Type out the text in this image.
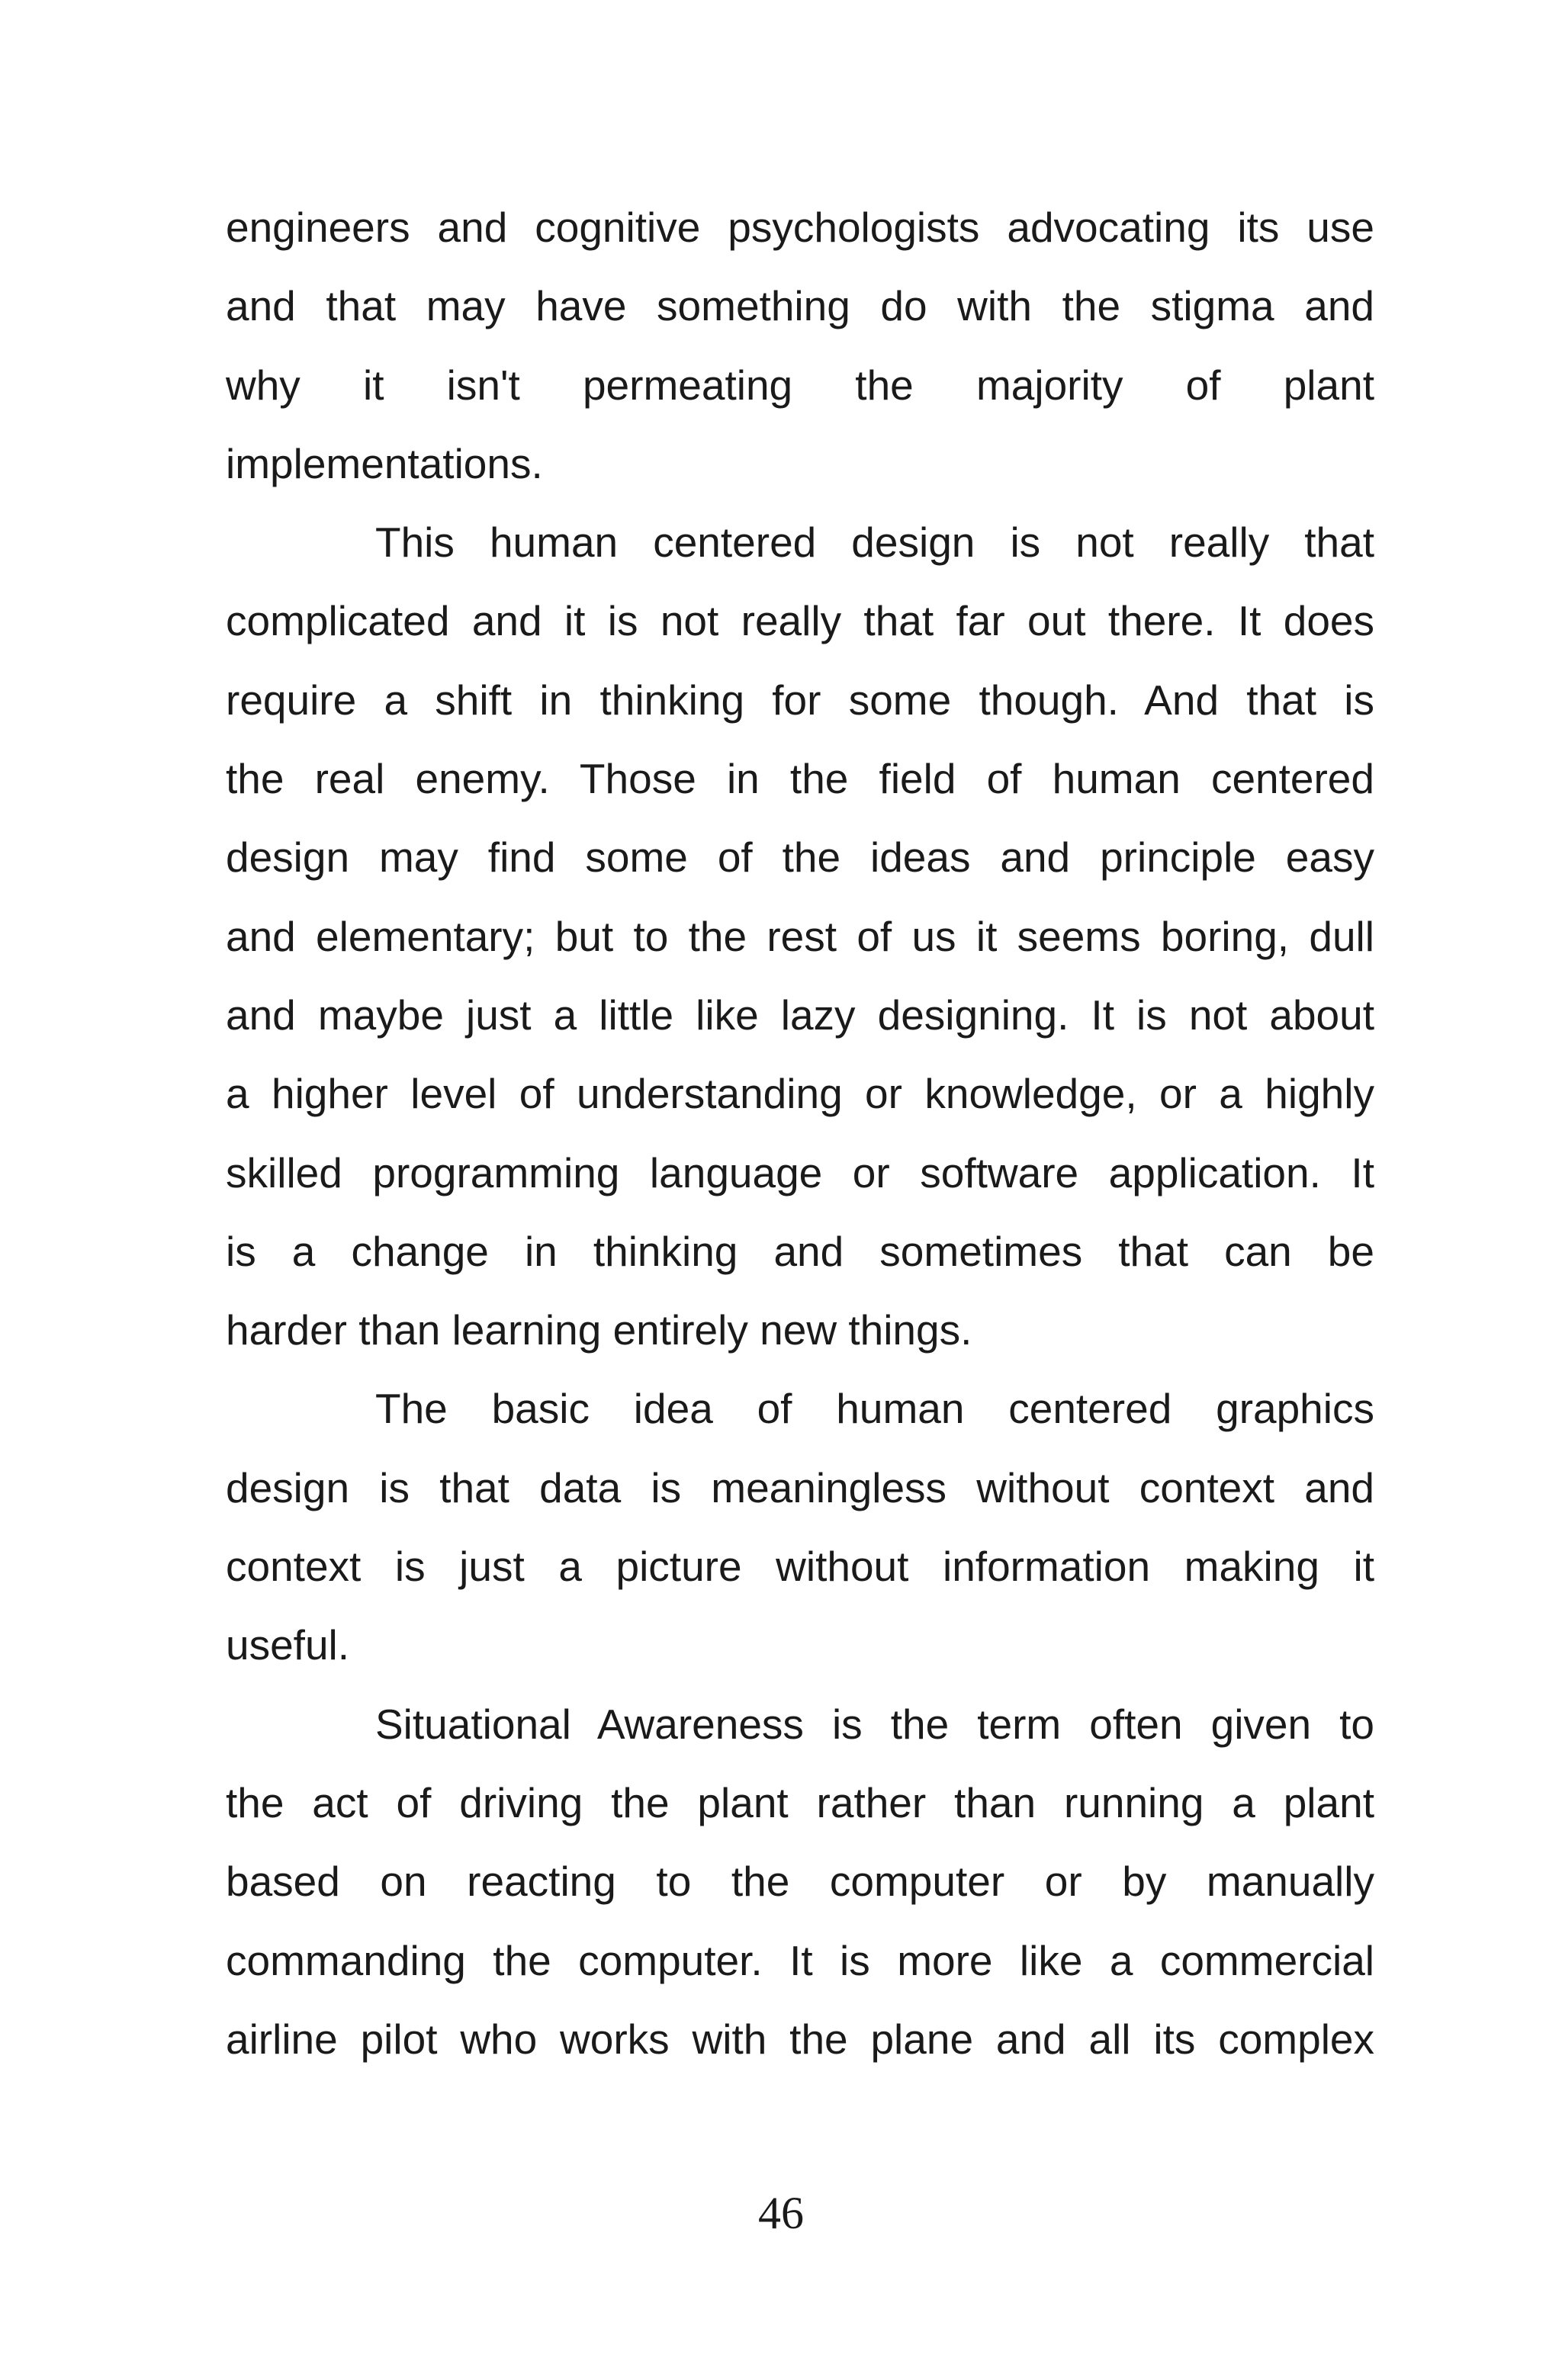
engineers and cognitive psychologists advocating its use
and that may have something do with the stigma and
why it isn't permeating the majority of plant
implementations.
This human centered design is not really that
complicated and it is not really that far out there. It does
require a shift in thinking for some though. And that is
the real enemy. Those in the field of human centered
design may find some of the ideas and principle easy
and elementary; but to the rest of us it seems boring, dull
and maybe just a little like lazy designing. It is not about
a higher level of understanding or knowledge, or a highly
skilled programming language or software application. It
is a change in thinking and sometimes that can be
harder than learning entirely new things.
The basic idea of human centered graphics
design is that data is meaningless without context and
context is just a picture without information making it
useful.
Situational Awareness is the term often given to
the act of driving the plant rather than running a plant
based on reacting to the computer or by manually
commanding the computer. It is more like a commercial
airline pilot who works with the plane and all its complex
46
